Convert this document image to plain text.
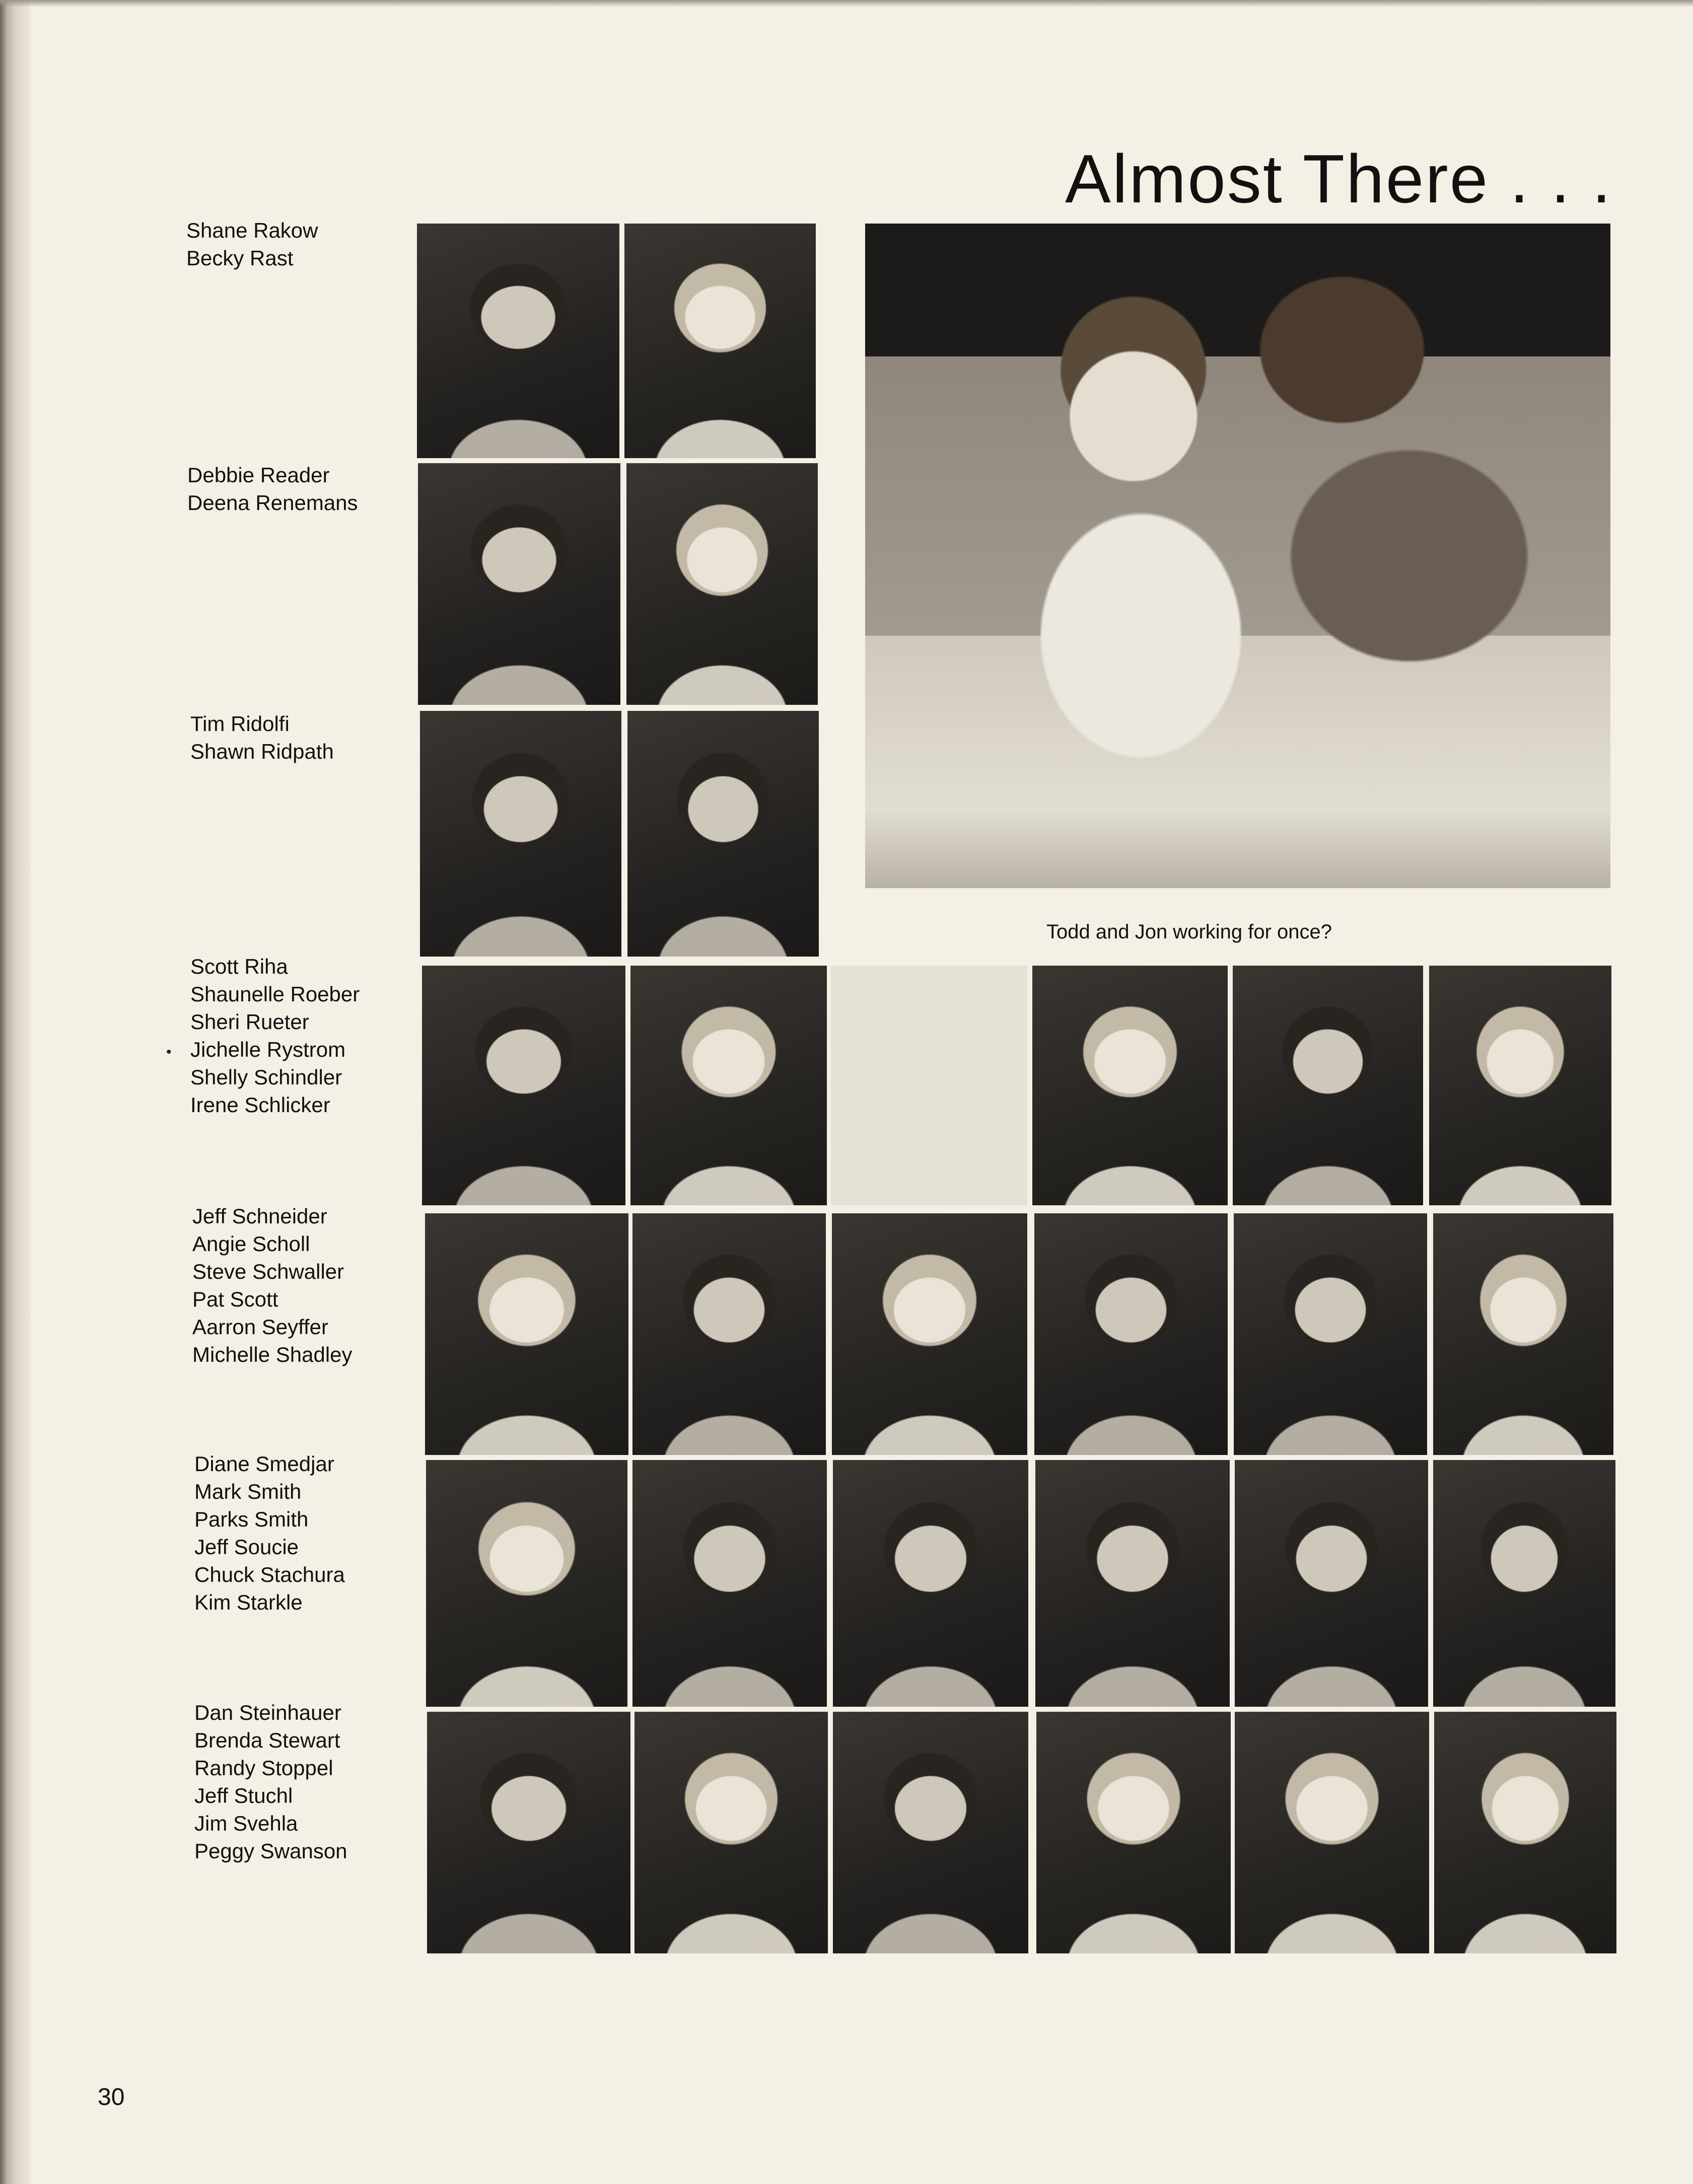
Almost There . . .
Shane Rakow
Becky Rast
Debbie Reader
Deena Renemans
Tim Ridolfi
Shawn Ridpath
•
Scott Riha
Shaunelle Roeber
Sheri Rueter
Jichelle Rystrom
Shelly Schindler
Irene Schlicker
Jeff Schneider
Angie Scholl
Steve Schwaller
Pat Scott
Aarron Seyffer
Michelle Shadley
Diane Smedjar
Mark Smith
Parks Smith
Jeff Soucie
Chuck Stachura
Kim Starkle
Dan Steinhauer
Brenda Stewart
Randy Stoppel
Jeff Stuchl
Jim Svehla
Peggy Swanson
Todd and Jon working for once?
30
